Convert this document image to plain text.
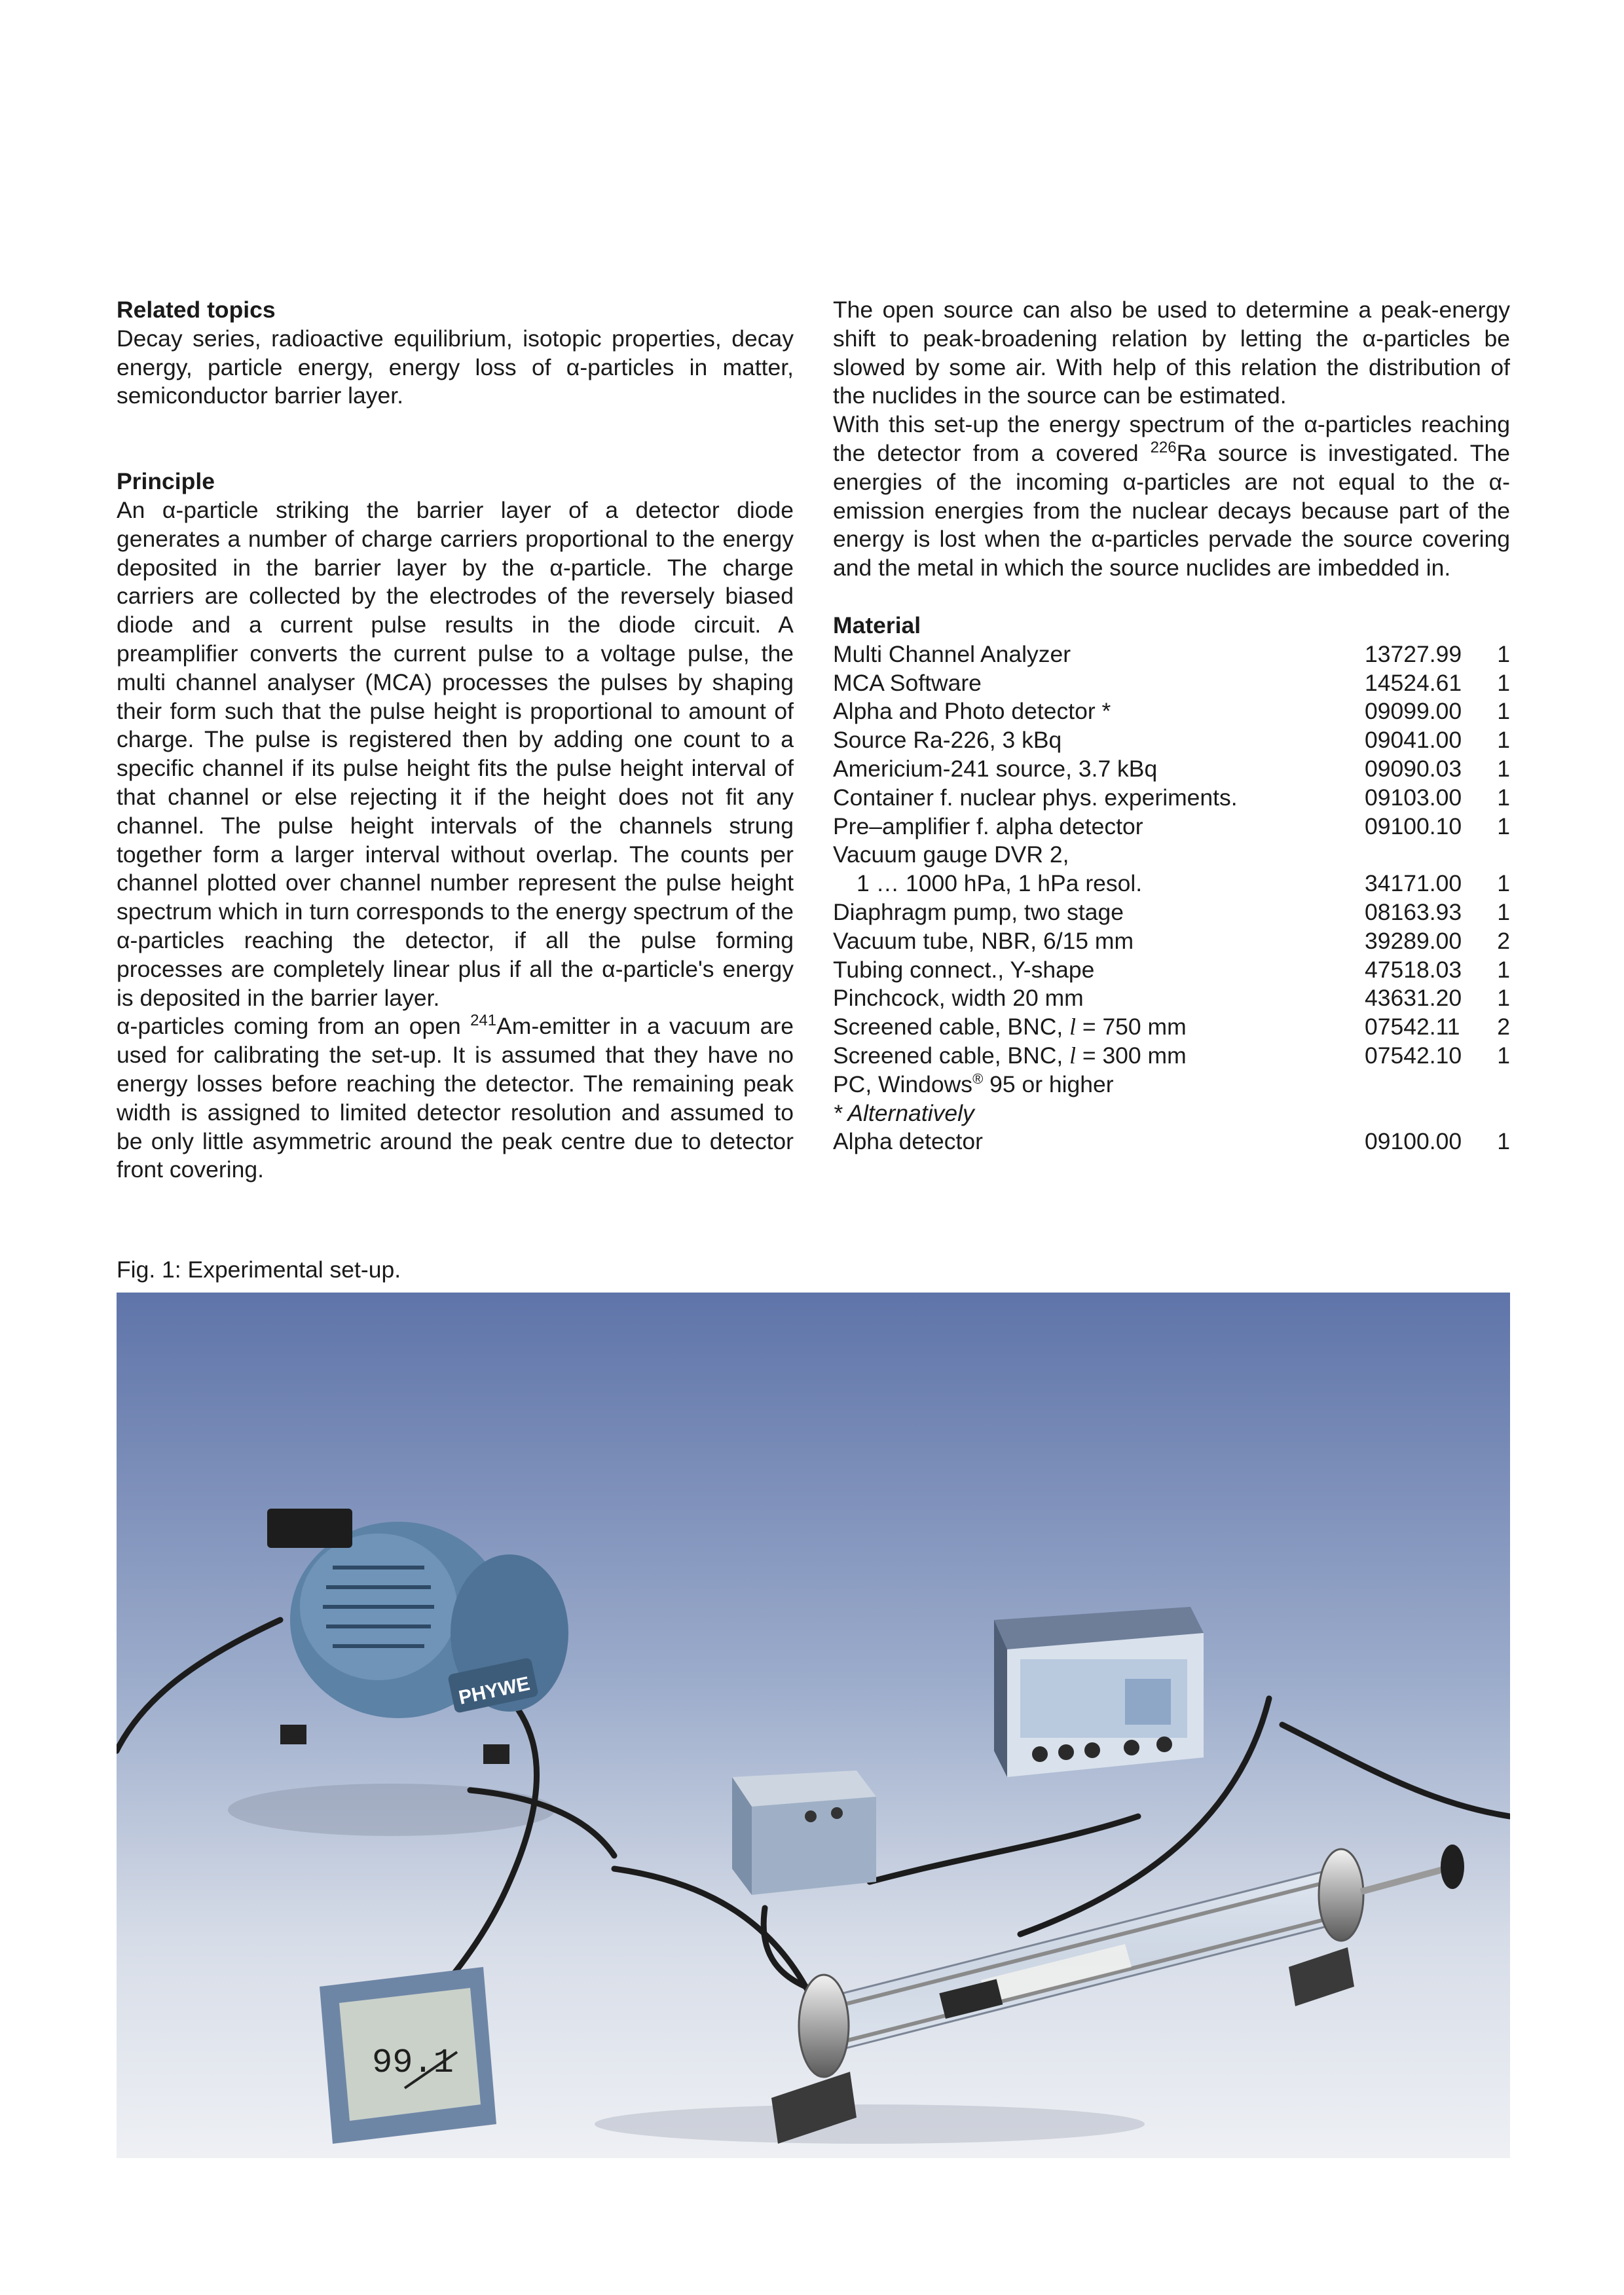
Related topics

Decay series, radioactive equilibrium, isotopic properties, decay energy, particle energy, energy loss of α-particles in matter, semiconductor barrier layer.

Principle

An α-particle striking the barrier layer of a detector diode generates a number of charge carriers proportional to the energy deposited in the barrier layer by the α-particle. The charge carriers are collected by the electrodes of the reversely biased diode and a current pulse results in the diode circuit. A preamplifier converts the current pulse to a voltage pulse, the multi channel analyser (MCA) processes the pulses by shaping their form such that the pulse height is proportional to amount of charge. The pulse is registered then by adding one count to a specific channel if its pulse height fits the pulse height interval of that channel or else rejecting it if the height does not fit any channel. The pulse height intervals of the channels strung together form a larger interval without overlap. The counts per channel plotted over channel number represent the pulse height spectrum which in turn corresponds to the energy spectrum of the α-particles reaching the detector, if all the pulse forming processes are completely linear plus if all the α-particle's energy is deposited in the barrier layer.

α-particles coming from an open $^{241}$Am-emitter in a vacuum are used for calibrating the set-up. It is assumed that they have no energy losses before reaching the detector. The remaining peak width is assigned to limited detector resolution and assumed to be only little asymmetric around the peak centre due to detector front covering.

The open source can also be used to determine a peak-energy shift to peak-broadening relation by letting the α-particles be slowed by some air. With help of this relation the distribution of the nuclides in the source can be estimated.

With this set-up the energy spectrum of the α-particles reaching the detector from a covered $^{226}$Ra source is investigated. The energies of the incoming α-particles are not equal to the α-emission energies from the nuclear decays because part of the energy is lost when the α-particles pervade the source covering and the metal in which the source nuclides are imbedded in.

Material
Multi Channel Analyzer	13727.99	1
MCA Software	14524.61	1
Alpha and Photo detector *	09099.00	1
Source Ra-226, 3 kBq	09041.00	1
Americium-241 source, 3.7 kBq	09090.03	1
Container f. nuclear phys. experiments.	09103.00	1
Pre–amplifier f. alpha detector	09100.10	1
Vacuum gauge DVR 2,		
1 … 1000 hPa, 1 hPa resol.	34171.00	1
Diaphragm pump, two stage	08163.93	1
Vacuum tube, NBR, 6/15 mm	39289.00	2
Tubing connect., Y-shape	47518.03	1
Pinchcock, width 20 mm	43631.20	1
Screened cable, BNC, l = 750 mm	07542.11	2
Screened cable, BNC, l = 300 mm	07542.10	1
PC, Windows® 95 or higher		
* Alternatively		
Alpha detector	09100.00	1
Fig. 1: Experimental set-up.
PHYWE
99.1
